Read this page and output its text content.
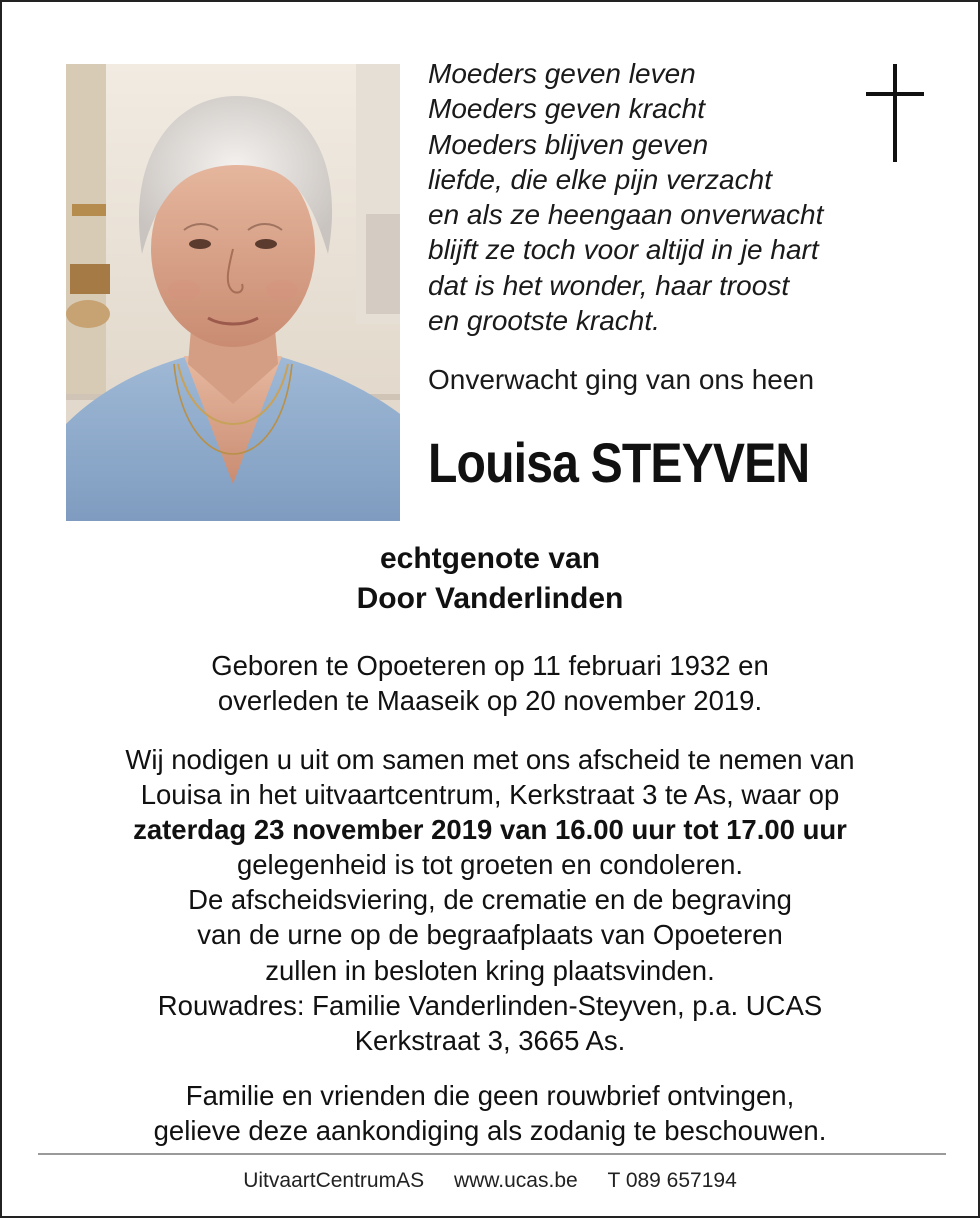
Moeders geven leven
Moeders geven kracht
Moeders blijven geven
liefde, die elke pijn verzacht
en als ze heengaan onverwacht
blijft ze toch voor altijd in je hart
dat is het wonder, haar troost
en grootste kracht.
Onverwacht ging van ons heen
Louisa STEYVEN
echtgenote van
Door Vanderlinden
Geboren te Opoeteren op 11 februari 1932 en
overleden te Maaseik op 20 november 2019.
Wij nodigen u uit om samen met ons afscheid te nemen van
Louisa in het uitvaartcentrum, Kerkstraat 3 te As, waar op
zaterdag 23 november 2019 van 16.00 uur tot 17.00 uur
gelegenheid is tot groeten en condoleren.
De afscheidsviering, de crematie en de begraving
van de urne op de begraafplaats van Opoeteren
zullen in besloten kring plaatsvinden.
Rouwadres: Familie Vanderlinden-Steyven, p.a. UCAS
Kerkstraat 3, 3665 As.
Familie en vrienden die geen rouwbrief ontvingen,
gelieve deze aankondiging als zodanig te beschouwen.
UitvaartCentrumAS www.ucas.be T 089 657194
